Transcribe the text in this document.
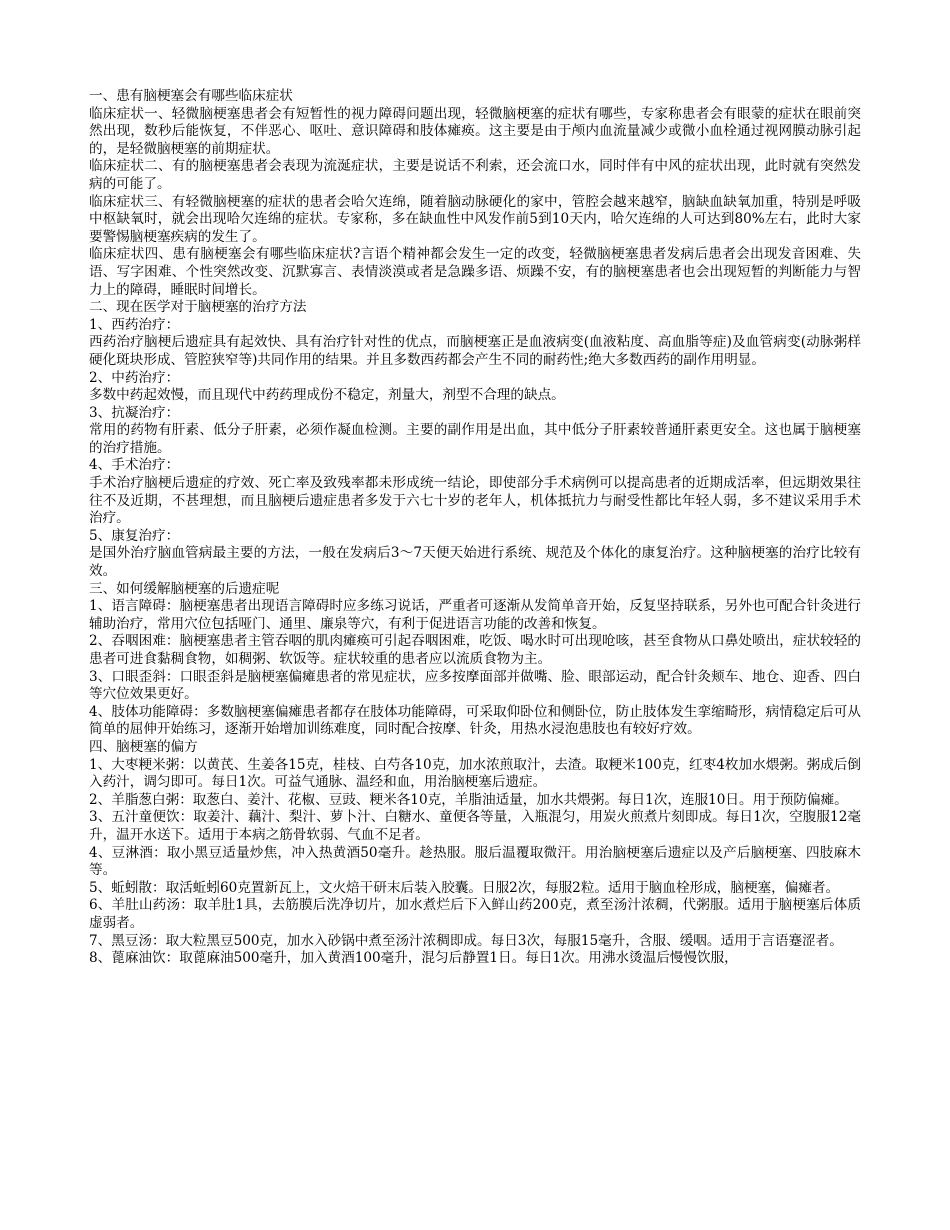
一、患有脑梗塞会有哪些临床症状

临床症状一、轻微脑梗塞患者会有短暂性的视力障碍问题出现，轻微脑梗塞的症状有哪些，专家称患者会有眼蒙的症状在眼前突然出现，数秒后能恢复，不伴恶心、呕吐、意识障碍和肢体瘫痪。这主要是由于颅内血流量减少或微小血栓通过视网膜动脉引起的，是轻微脑梗塞的前期症状。

临床症状二、有的脑梗塞患者会表现为流涎症状，主要是说话不利索，还会流口水，同时伴有中风的症状出现，此时就有突然发病的可能了。

临床症状三、有轻微脑梗塞的症状的患者会哈欠连绵，随着脑动脉硬化的家中，管腔会越来越窄，脑缺血缺氧加重，特别是呼吸中枢缺氧时，就会出现哈欠连绵的症状。专家称，多在缺血性中风发作前5到10天内，哈欠连绵的人可达到80%左右，此时大家要警惕脑梗塞疾病的发生了。

临床症状四、患有脑梗塞会有哪些临床症状?言语个精神都会发生一定的改变，轻微脑梗塞患者发病后患者会出现发音困难、失语、写字困难、个性突然改变、沉默寡言、表情淡漠或者是急躁多语、烦躁不安，有的脑梗塞患者也会出现短暂的判断能力与智力上的障碍，睡眠时间增长。

二、现在医学对于脑梗塞的治疗方法

1、西药治疗：

西药治疗脑梗后遗症具有起效快、具有治疗针对性的优点，而脑梗塞正是血液病变(血液粘度、高血脂等症)及血管病变(动脉粥样硬化斑块形成、管腔狭窄等)共同作用的结果。并且多数西药都会产生不同的耐药性;绝大多数西药的副作用明显。

2、中药治疗：

多数中药起效慢，而且现代中药药理成份不稳定，剂量大，剂型不合理的缺点。

3、抗凝治疗：

常用的药物有肝素、低分子肝素，必须作凝血检测。主要的副作用是出血，其中低分子肝素较普通肝素更安全。这也属于脑梗塞的治疗措施。

4、手术治疗：

手术治疗脑梗后遗症的疗效、死亡率及致残率都未形成统一结论，即使部分手术病例可以提高患者的近期成活率，但远期效果往往不及近期，不甚理想，而且脑梗后遗症患者多发于六七十岁的老年人，机体抵抗力与耐受性都比年轻人弱，多不建议采用手术治疗。

5、康复治疗：

是国外治疗脑血管病最主要的方法，一般在发病后3～7天便天始进行系统、规范及个体化的康复治疗。这种脑梗塞的治疗比较有效。

三、如何缓解脑梗塞的后遗症呢

1、语言障碍：脑梗塞患者出现语言障碍时应多练习说话，严重者可逐渐从发简单音开始，反复坚持联系，另外也可配合针灸进行辅助治疗，常用穴位包括哑门、通里、廉泉等穴，有利于促进语言功能的改善和恢复。

2、吞咽困难：脑梗塞患者主管吞咽的肌肉瘫痪可引起吞咽困难，吃饭、喝水时可出现呛咳，甚至食物从口鼻处喷出，症状较轻的患者可进食黏稠食物，如稠粥、软饭等。症状较重的患者应以流质食物为主。

3、口眼歪斜：口眼歪斜是脑梗塞偏瘫患者的常见症状，应多按摩面部并做嘴、脸、眼部运动，配合针灸颊车、地仓、迎香、四白等穴位效果更好。

4、肢体功能障碍：多数脑梗塞偏瘫患者都存在肢体功能障碍，可采取仰卧位和侧卧位，防止肢体发生挛缩畸形，病情稳定后可从简单的屈伸开始练习，逐渐开始增加训练难度，同时配合按摩、针灸，用热水浸泡患肢也有较好疗效。

四、脑梗塞的偏方

1、大枣粳米粥：以黄芪、生姜各15克，桂枝、白芍各10克，加水浓煎取汁，去渣。取粳米100克，红枣4枚加水煨粥。粥成后倒入药汁，调匀即可。每日1次。可益气通脉、温经和血，用治脑梗塞后遗症。

2、羊脂葱白粥：取葱白、姜汁、花椒、豆豉、粳米各10克，羊脂油适量，加水共煨粥。每日1次，连服10日。用于预防偏瘫。

3、五汁童便饮：取姜汁、藕汁、梨汁、萝卜汁、白糖水、童便各等量，入瓶混匀，用炭火煎煮片刻即成。每日1次，空腹服12毫升，温开水送下。适用于本病之筋骨软弱、气血不足者。

4、豆淋酒：取小黑豆适量炒焦，冲入热黄酒50毫升。趁热服。服后温覆取微汗。用治脑梗塞后遗症以及产后脑梗塞、四肢麻木等。

5、蚯蚓散：取活蚯蚓60克置新瓦上，文火焙干研末后装入胶囊。日服2次，每服2粒。适用于脑血栓形成，脑梗塞，偏瘫者。

6、羊肚山药汤：取羊肚1具，去筋膜后洗净切片，加水煮烂后下入鲜山药200克，煮至汤汁浓稠，代粥服。适用于脑梗塞后体质虚弱者。

7、黑豆汤：取大粒黑豆500克，加水入砂锅中煮至汤汁浓稠即成。每日3次，每服15毫升，含服、缓咽。适用于言语蹇涩者。

8、蓖麻油饮：取蓖麻油500毫升，加入黄酒100毫升，混匀后静置1日。每日1次。用沸水烫温后慢慢饮服，
